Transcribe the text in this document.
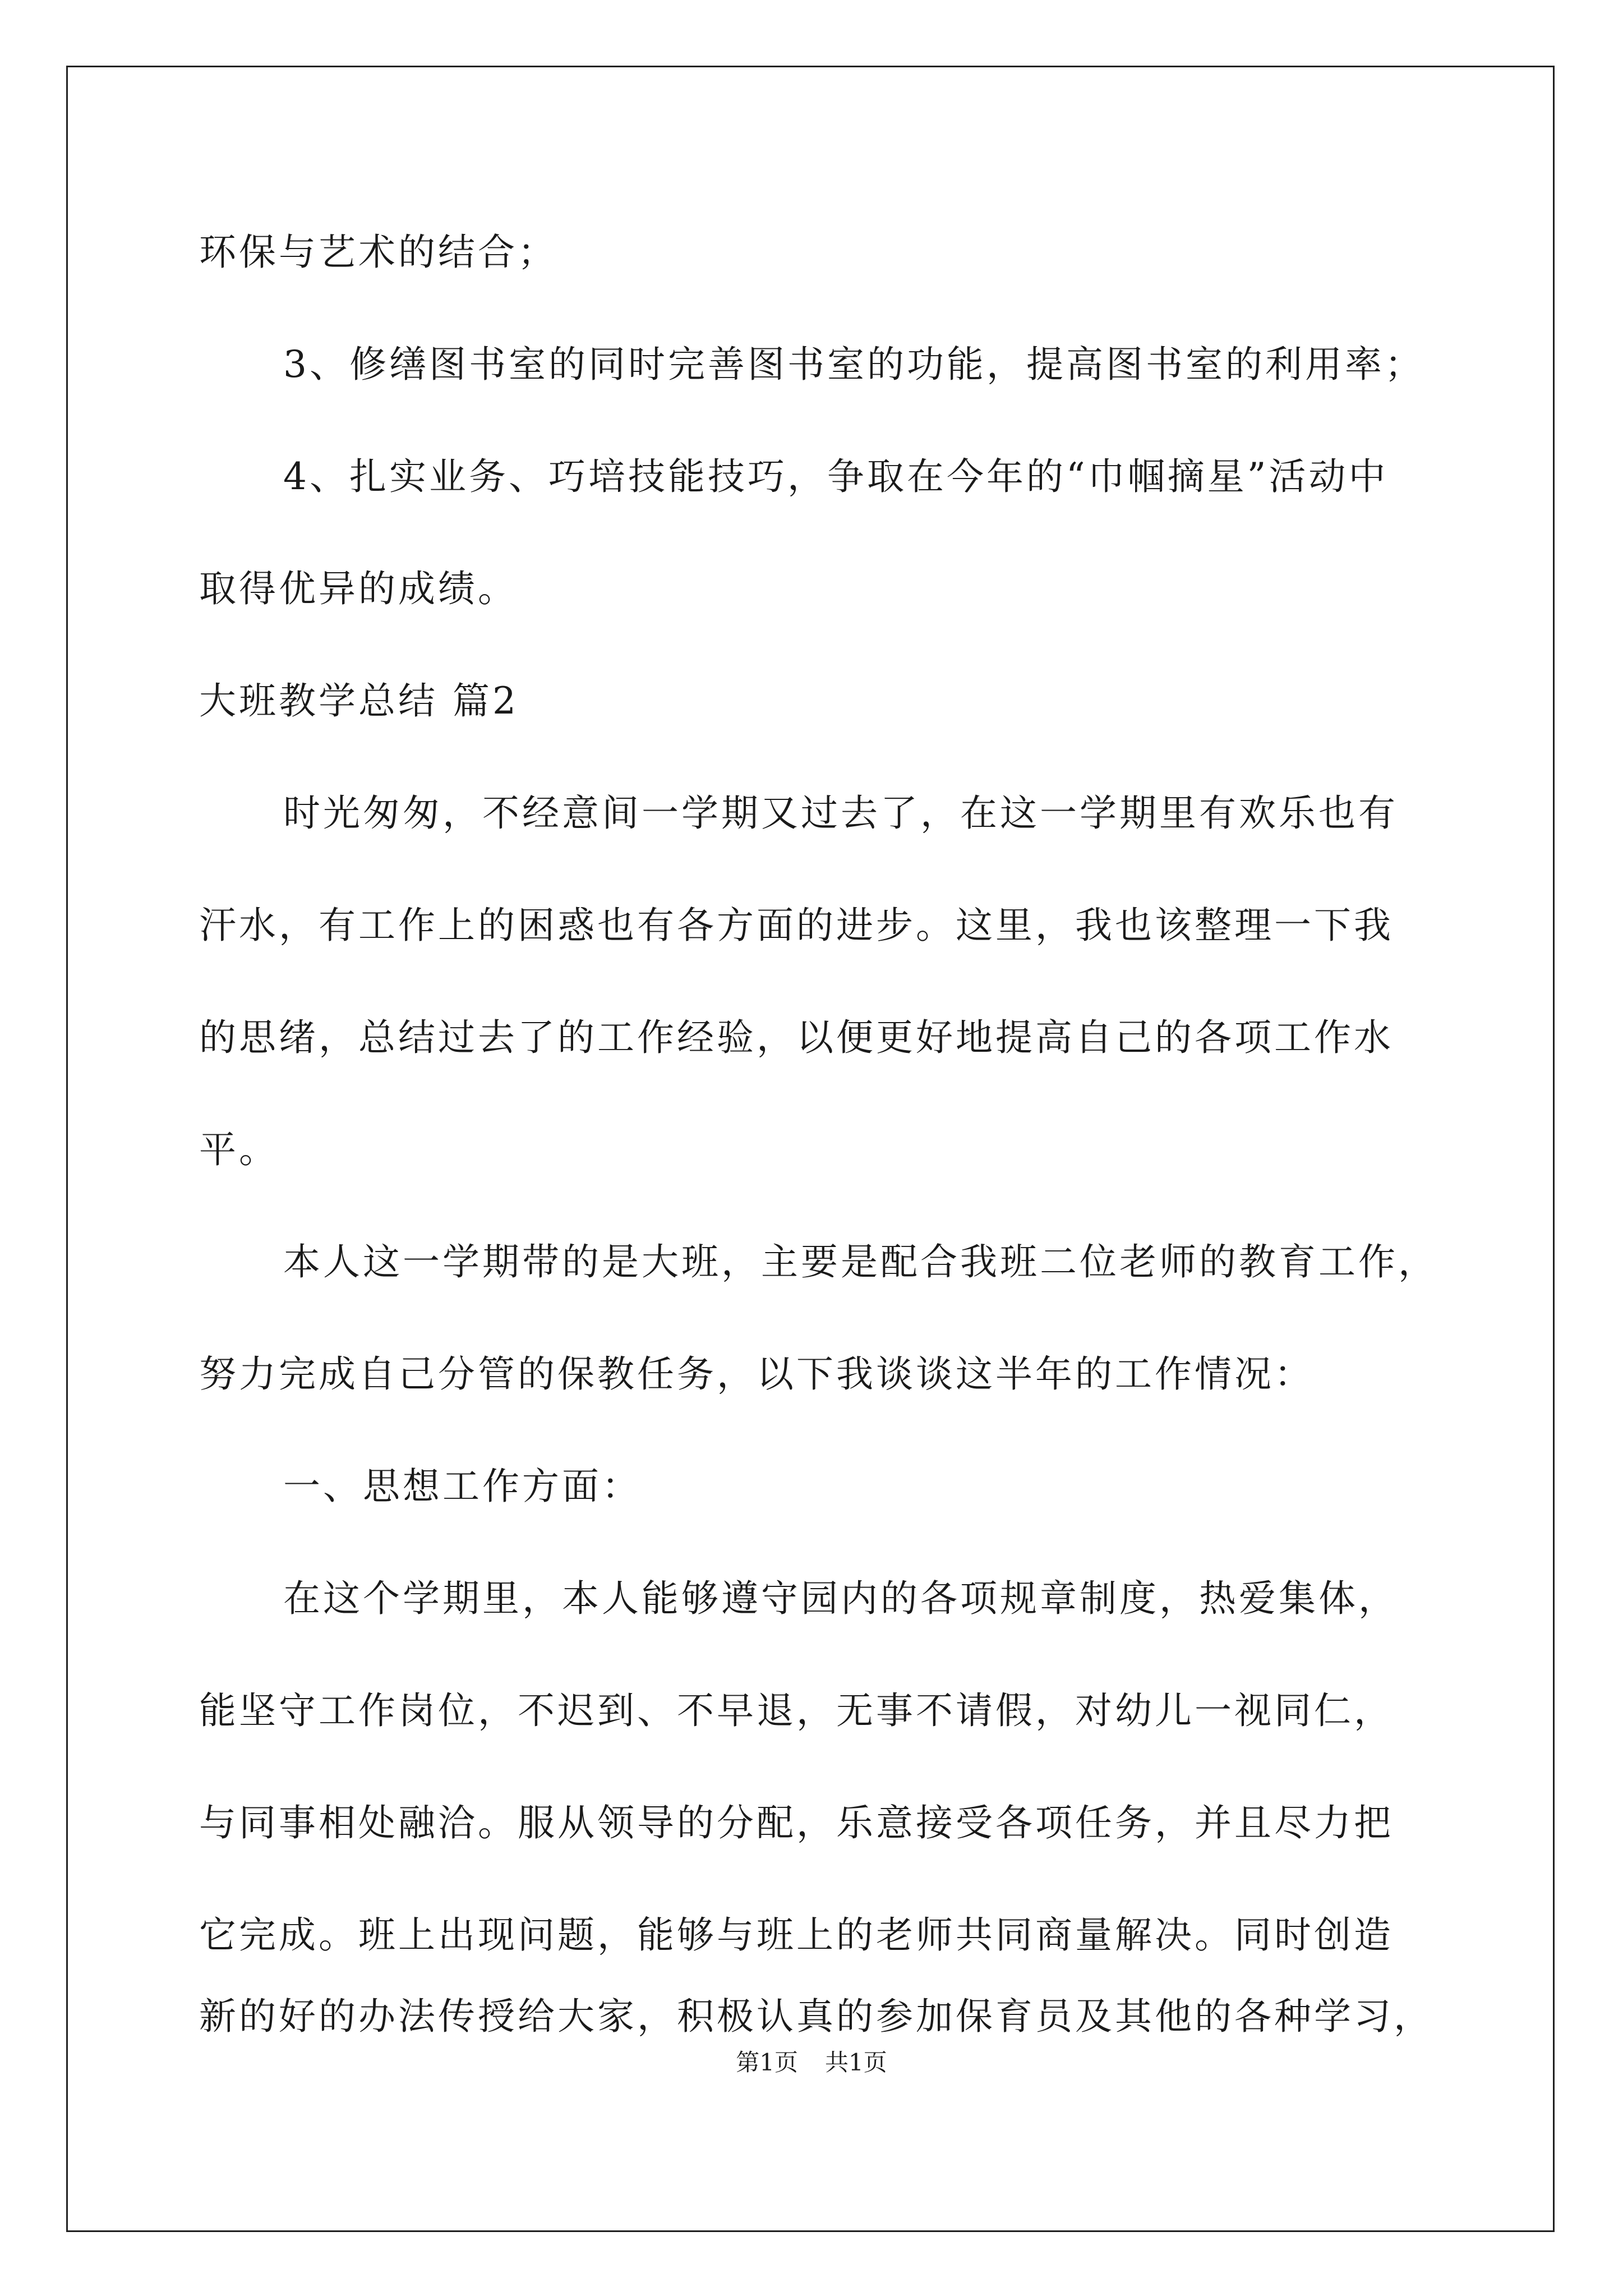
环保与艺术的结合；
3、修缮图书室的同时完善图书室的功能，提高图书室的利用率；
4、扎实业务、巧培技能技巧，争取在今年的“巾帼摘星”活动中
取得优异的成绩。
大班教学总结 篇2
时光匆匆，不经意间一学期又过去了，在这一学期里有欢乐也有
汗水，有工作上的困惑也有各方面的进步。这里，我也该整理一下我
的思绪，总结过去了的工作经验，以便更好地提高自己的各项工作水
平。
本人这一学期带的是大班，主要是配合我班二位老师的教育工作，
努力完成自己分管的保教任务，以下我谈谈这半年的工作情况：
一、思想工作方面：
在这个学期里，本人能够遵守园内的各项规章制度，热爱集体，
能坚守工作岗位，不迟到、不早退，无事不请假，对幼儿一视同仁，
与同事相处融洽。服从领导的分配，乐意接受各项任务，并且尽力把
它完成。班上出现问题，能够与班上的老师共同商量解决。同时创造
新的好的办法传授给大家，积极认真的参加保育员及其他的各种学习，
第1页 共1页
